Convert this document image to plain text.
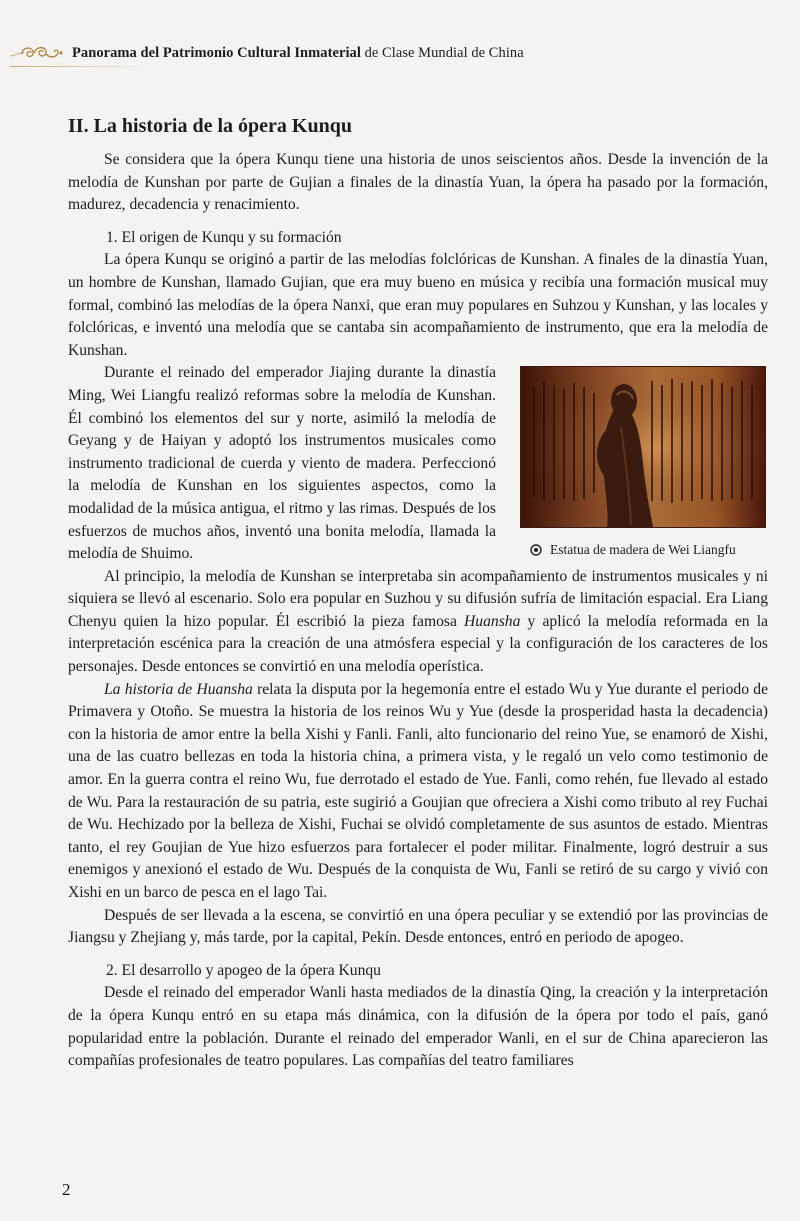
Panorama del Patrimonio Cultural Inmaterial de Clase Mundial de China
II. La historia de la ópera Kunqu

Se considera que la ópera Kunqu tiene una historia de unos seiscientos años. Desde la invención de la melodía de Kunshan por parte de Gujian a finales de la dinastía Yuan, la ópera ha pasado por la formación, madurez, decadencia y renacimiento.

1. El origen de Kunqu y su formación

La ópera Kunqu se originó a partir de las melodías folclóricas de Kunshan. A finales de la dinastía Yuan, un hombre de Kunshan, llamado Gujian, que era muy bueno en música y recibía una formación musical muy formal, combinó las melodías de la ópera Nanxi, que eran muy populares en Suhzou y Kunshan, y las locales y folclóricas, e inventó una melodía que se cantaba sin acompañamiento de instrumento, que era la melodía de Kunshan.

Estatua de madera de Wei Liangfu

Durante el reinado del emperador Jiajing durante la dinastía Ming, Wei Liangfu realizó reformas sobre la melodía de Kunshan. Él combinó los elementos del sur y norte, asimiló la melodía de Geyang y de Haiyan y adoptó los instrumentos musicales como instrumento tradicional de cuerda y viento de madera. Perfeccionó la melodía de Kunshan en los siguientes aspectos, como la modalidad de la música antigua, el ritmo y las rimas. Después de los esfuerzos de muchos años, inventó una bonita melodía, llamada la melodía de Shuimo.

Al principio, la melodía de Kunshan se interpretaba sin acompañamiento de instrumentos musicales y ni siquiera se llevó al escenario. Solo era popular en Suzhou y su difusión sufría de limitación espacial. Era Liang Chenyu quien la hizo popular. Él escribió la pieza famosa Huansha y aplicó la melodía reformada en la interpretación escénica para la creación de una atmósfera especial y la configuración de los caracteres de los personajes. Desde entonces se convirtió en una melodía operística.

La historia de Huansha relata la disputa por la hegemonía entre el estado Wu y Yue durante el periodo de Primavera y Otoño. Se muestra la historia de los reinos Wu y Yue (desde la prosperidad hasta la decadencia) con la historia de amor entre la bella Xishi y Fanli. Fanli, alto funcionario del reino Yue, se enamoró de Xishi, una de las cuatro bellezas en toda la historia china, a primera vista, y le regaló un velo como testimonio de amor. En la guerra contra el reino Wu, fue derrotado el estado de Yue. Fanli, como rehén, fue llevado al estado de Wu. Para la restauración de su patria, este sugirió a Goujian que ofreciera a Xishi como tributo al rey Fuchai de Wu. Hechizado por la belleza de Xishi, Fuchai se olvidó completamente de sus asuntos de estado. Mientras tanto, el rey Goujian de Yue hizo esfuerzos para fortalecer el poder militar. Finalmente, logró destruir a sus enemigos y anexionó el estado de Wu. Después de la conquista de Wu, Fanli se retiró de su cargo y vivió con Xishi en un barco de pesca en el lago Tai.

Después de ser llevada a la escena, se convirtió en una ópera peculiar y se extendió por las provincias de Jiangsu y Zhejiang y, más tarde, por la capital, Pekín. Desde entonces, entró en periodo de apogeo.

2. El desarrollo y apogeo de la ópera Kunqu

Desde el reinado del emperador Wanli hasta mediados de la dinastía Qing, la creación y la interpretación de la ópera Kunqu entró en su etapa más dinámica, con la difusión de la ópera por todo el país, ganó popularidad entre la población. Durante el reinado del emperador Wanli, en el sur de China aparecieron las compañías profesionales de teatro populares. Las compañías del teatro familiares

2
